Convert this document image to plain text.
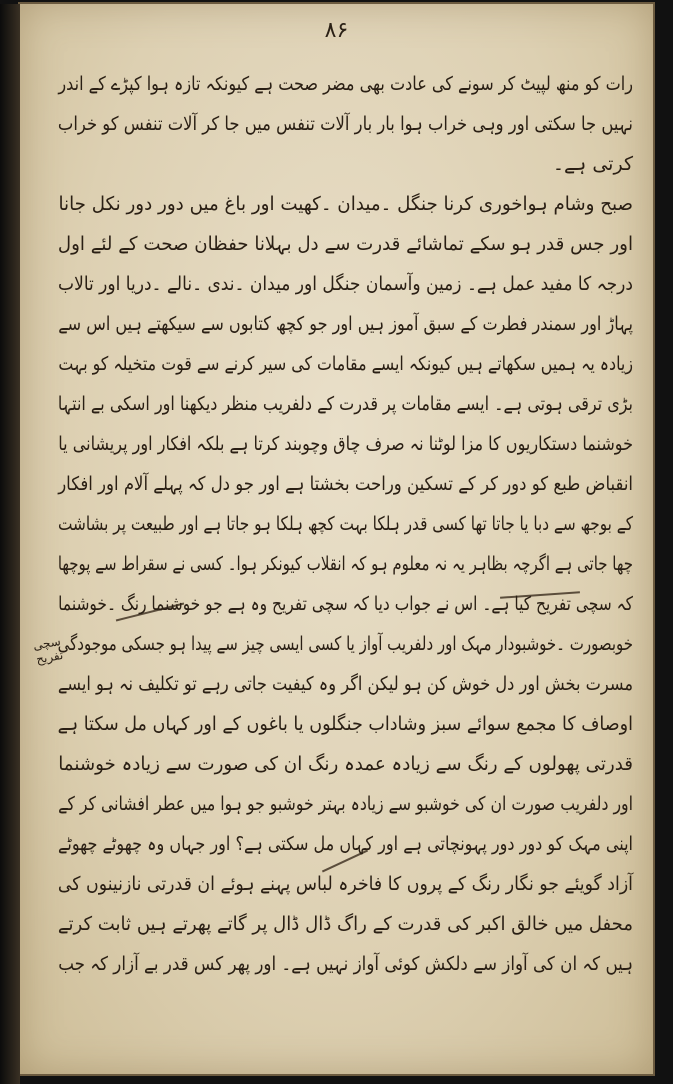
۸۶
سچی تفریح
رات کو منھ لپیٹ کر سونے کی عادت بھی مضر صحت ہے کیونکہ تازہ ہوا کپڑے کے اندر
نہیں جا سکتی اور وہی خراب ہوا بار بار آلات تنفس میں جا کر آلات تنفس کو خراب
کرتی ہے۔
صبح وشام ہواخوری کرنا جنگل ۔میدان ۔کھیت اور باغ میں دور دور نکل جانا
اور جس قدر ہو سکے تماشائے قدرت سے دل بہلانا حفظان صحت کے لئے اول
درجہ کا مفید عمل ہے۔ زمین وآسمان جنگل اور میدان ۔ندی ۔نالے ۔دریا اور تالاب
پہاڑ اور سمندر فطرت کے سبق آموز ہیں اور جو کچھ کتابوں سے سیکھتے ہیں اس سے
زیادہ یہ ہمیں سکھاتے ہیں کیونکہ ایسے مقامات کی سیر کرنے سے قوت متخیلہ کو بہت
بڑی ترقی ہوتی ہے۔ ایسے مقامات پر قدرت کے دلفریب منظر دیکھنا اور اسکی بے انتہا
خوشنما دستکاریوں کا مزا لوٹنا نہ صرف چاق وچوبند کرتا ہے بلکہ افکار اور پریشانی یا
انقباض طبع کو دور کر کے تسکین وراحت بخشتا ہے اور جو دل کہ پہلے آلام اور افکار
کے بوجھ سے دبا یا جاتا تھا کسی قدر ہلکا بہت کچھ ہلکا ہو جاتا ہے اور طبیعت پر بشاشت
چھا جاتی ہے اگرچہ بظاہر یہ نہ معلوم ہو کہ انقلاب کیونکر ہوا۔ کسی نے سقراط سے پوچھا
کہ سچی تفریح کیا ہے۔ اس نے جواب دیا کہ سچی تفریح وہ ہے جو خوشنما رنگ ۔خوشنما
خوبصورت ۔خوشبودار مہک اور دلفریب آواز یا کسی ایسی چیز سے پیدا ہو جسکی موجودگی
مسرت بخش اور دل خوش کن ہو لیکن اگر وہ کیفیت جاتی رہے تو تکلیف نہ ہو ایسے
اوصاف کا مجمع سوائے سبز وشاداب جنگلوں یا باغوں کے اور کہاں مل سکتا ہے
قدرتی پھولوں کے رنگ سے زیادہ عمدہ رنگ ان کی صورت سے زیادہ خوشنما
اور دلفریب صورت ان کی خوشبو سے زیادہ بہتر خوشبو جو ہوا میں عطر افشانی کر کے
اپنی مہک کو دور دور پہونچاتی ہے اور کہاں مل سکتی ہے؟ اور جہاں وہ چھوٹے چھوٹے
آزاد گویئے جو نگار رنگ کے پروں کا فاخرہ لباس پہنے ہوئے ان قدرتی نازنینوں کی
محفل میں خالق اکبر کی قدرت کے راگ ڈال ڈال پر گاتے پھرتے ہیں ثابت کرتے
ہیں کہ ان کی آواز سے دلکش کوئی آواز نہیں ہے۔ اور پھر کس قدر بے آزار کہ جب
